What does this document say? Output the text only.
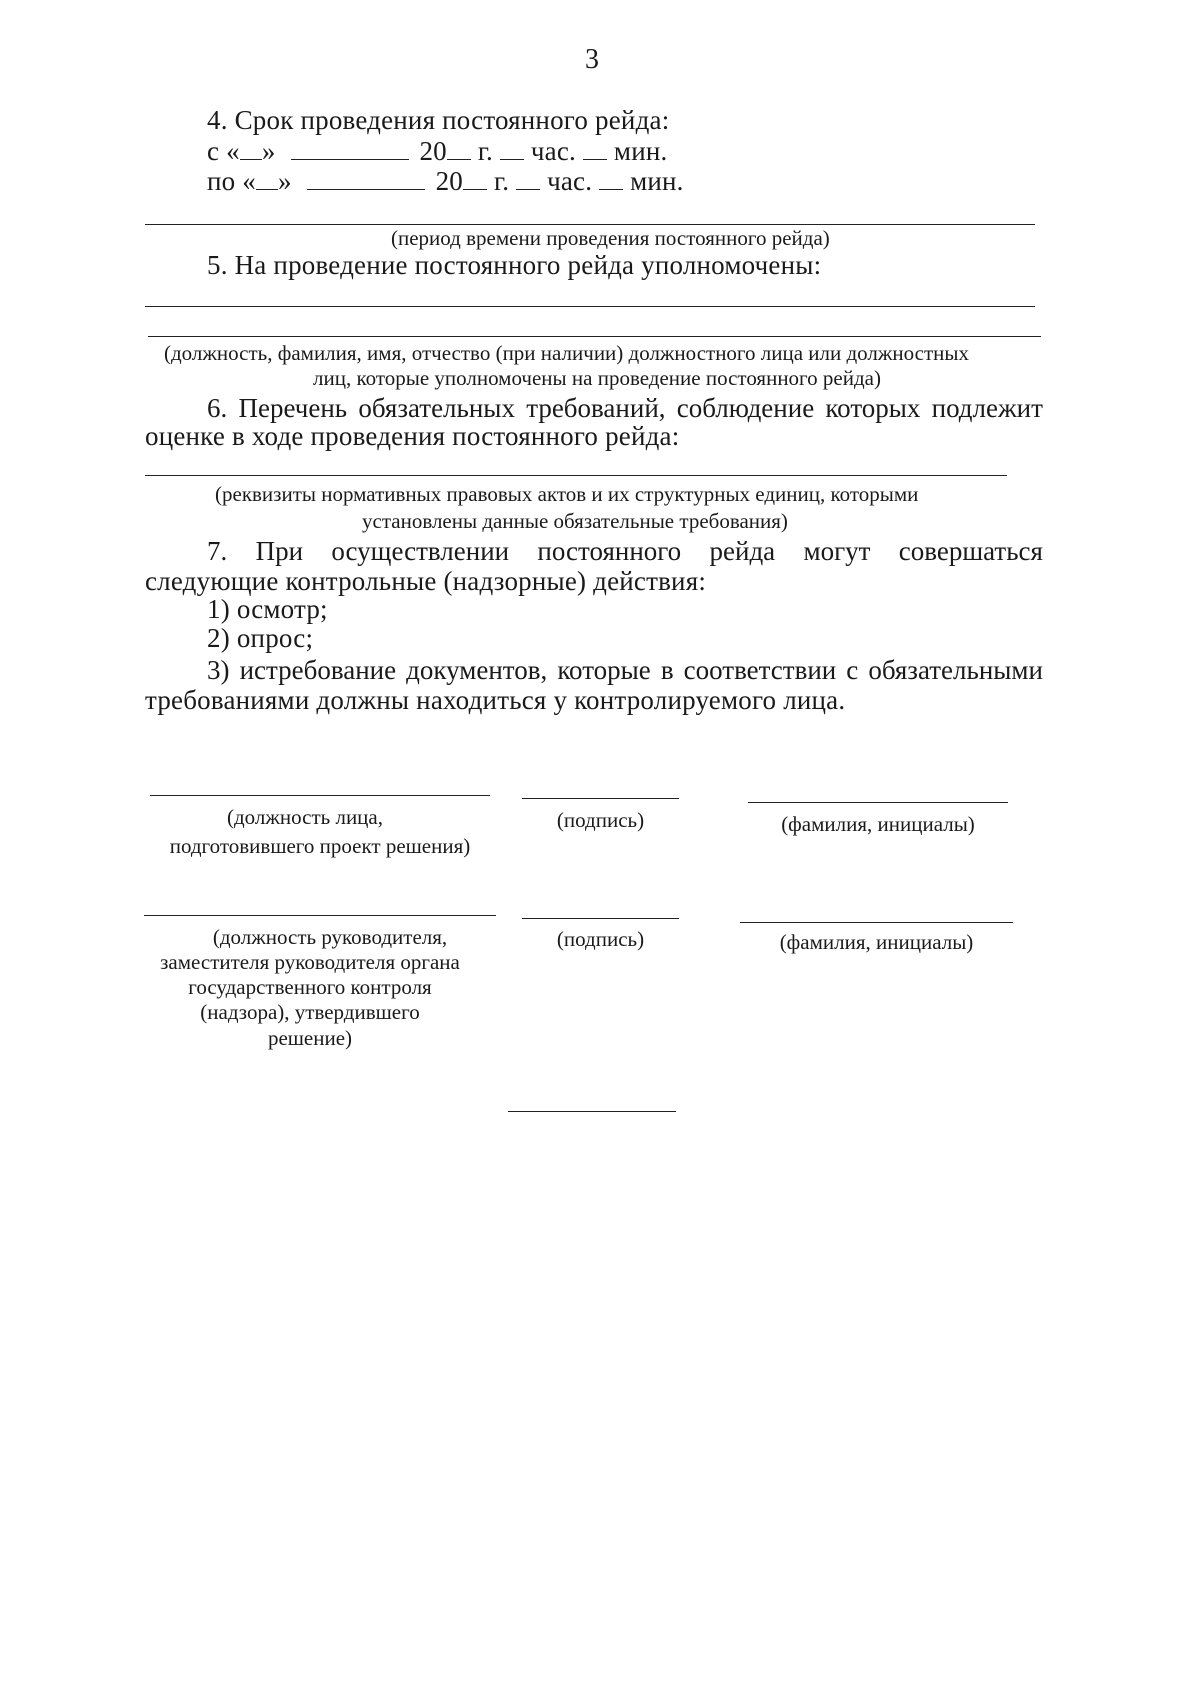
3
4. Срок проведения постоянного рейда:
с « »	20 г. час. мин.
по « »	20 г. час. мин.
(период времени проведения постоянного рейда)
5. На проведение постоянного рейда уполномочены:
(должность, фамилия, имя, отчество (при наличии) должностного лица или должностных
лиц, которые уполномочены на проведение постоянного рейда)
6. Перечень обязательных требований, соблюдение которых подлежит
оценке в ходе проведения постоянного рейда:
(реквизиты нормативных правовых актов и их структурных единиц, которыми
установлены данные обязательные требования)
7. При осуществлении постоянного рейда могут совершаться
следующие контрольные (надзорные) действия:
1) осмотр;
2) опрос;
3) истребование документов, которые в соответствии с обязательными
требованиями должны находиться у контролируемого лица.
(должность лица,
подготовившего проект решения)
(подпись)	(фамилия, инициалы)
(должность руководителя,
заместителя руководителя органа
государственного контроля
(надзора), утвердившего
решение)
(подпись)	(фамилия, инициалы)
